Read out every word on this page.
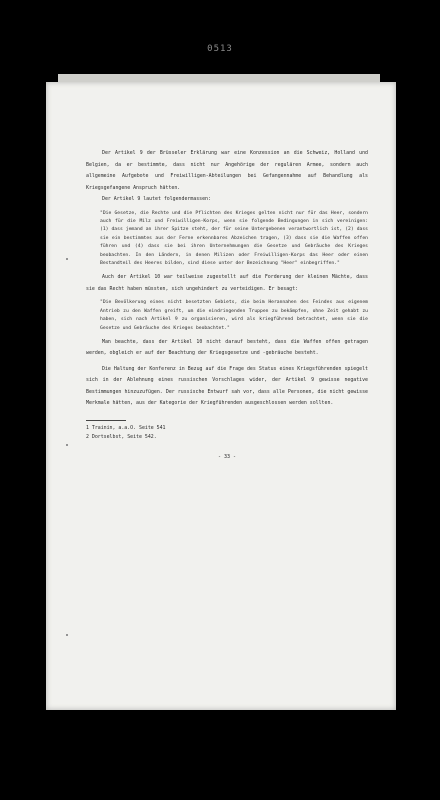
0513

Der Artikel 9 der Brüsseler Erklärung war eine Konzession an die Schweiz, Holland und Belgien, da er bestimmte, dass nicht nur Angehörige der regulären Armee, sondern auch allgemeine Aufgebote und Freiwilligen-Abteilungen bei Gefangennahme auf Behandlung als Kriegsgefangene Anspruch hätten.

Der Artikel 9 lautet folgendermassen:

"Die Gesetze, die Rechte und die Pflichten des Krieges gelten nicht nur für das Heer, sondern auch für die Milz und Freiwilligen-Korps, wenn sie folgende Bedingungen in sich vereinigen: (1) dass jemand an ihrer Spitze steht, der für seine Untergebenen verantwortlich ist, (2) dass sie ein bestimmtes aus der Ferne erkennbares Abzeichen tragen, (3) dass sie die Waffen offen führen und (4) dass sie bei ihren Unternehmungen die Gesetze und Gebräuche des Krieges beobachten. In den Ländern, in denen Milizen oder Freiwilligen-Korps das Heer oder einen Bestandteil des Heeres bilden, sind diese unter der Bezeichnung "Heer" einbegriffen."

Auch der Artikel 10 war teilweise zugestellt auf die Forderung der kleinen Mächte, dass sie das Recht haben müssten, sich ungehindert zu verteidigen. Er besagt:

"Die Bevölkerung eines nicht besetzten Gebiets, die beim Herannahen des Feindes aus eigenem Antrieb zu den Waffen greift, um die eindringenden Truppen zu bekämpfen, ohne Zeit gehabt zu haben, sich nach Artikel 9 zu organisieren, wird als kriegführend betrachtet, wenn sie die Gesetze und Gebräuche des Krieges beobachtet."

Man beachte, dass der Artikel 10 nicht darauf besteht, dass die Waffen offen getragen werden, obgleich er auf der Beachtung der Kriegsgesetze und -gebräuche besteht.

Die Haltung der Konferenz in Bezug auf die Frage des Status eines Kriegsführenden spiegelt sich in der Ablehnung eines russischen Vorschlages wider, der Artikel 9 gewisse negative Bestimmungen hinzuzufügen. Der russische Entwurf sah vor, dass alle Personen, die nicht gewisse Merkmale hätten, aus der Kategorie der Kriegführenden ausgeschlossen werden sollten.

1 Trainin, a.a.O. Seite 541

2 Dortselbst, Seite 542.

- 33 -
